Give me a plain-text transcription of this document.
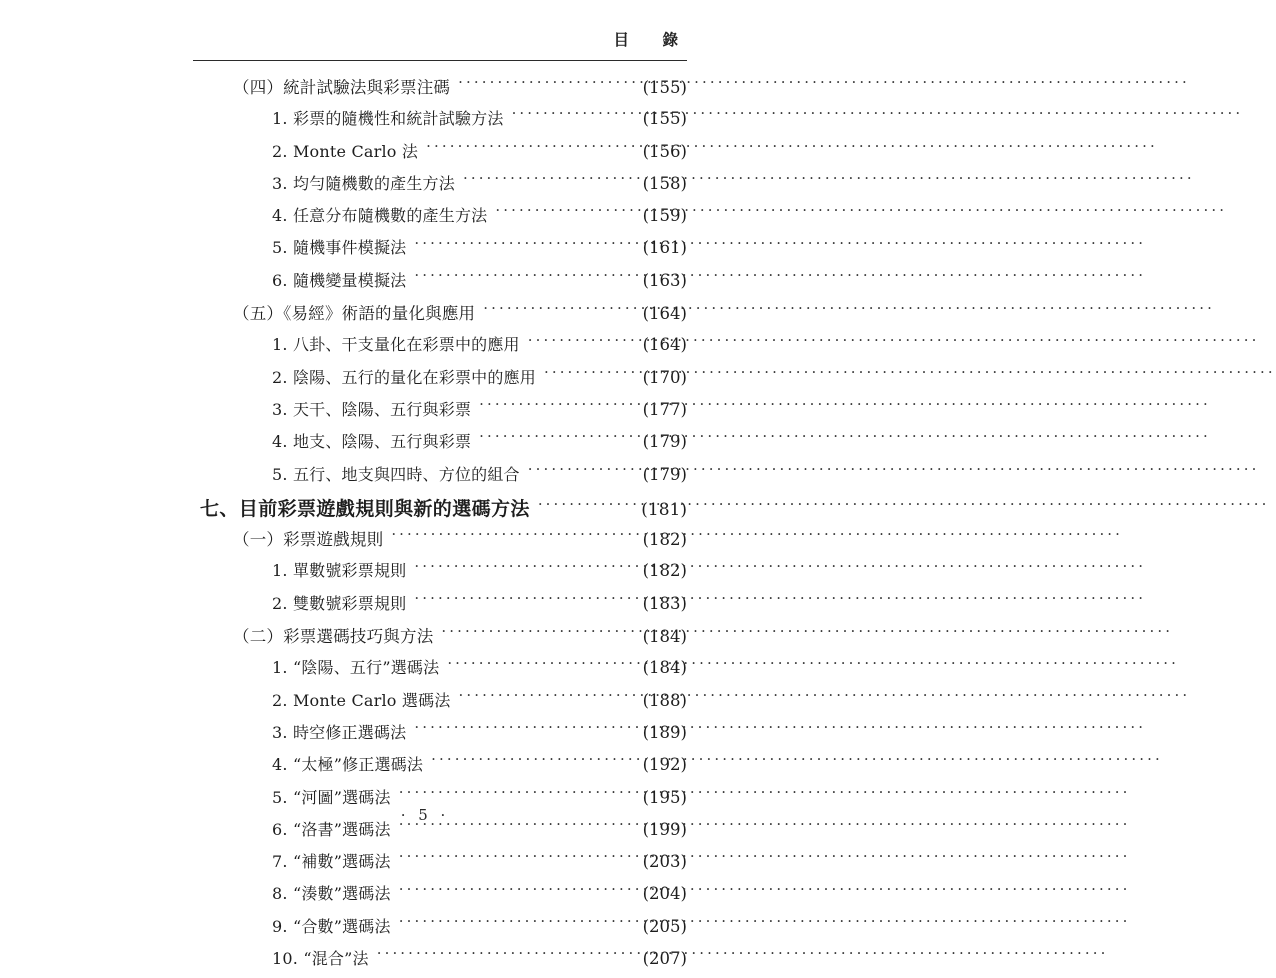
目　錄
（四）統計試驗法與彩票注碼 ·····	(155)
1. 彩票的隨機性和統計試驗方法 ·····	(155)
2. Monte Carlo 法 ·····	(156)
3. 均勻隨機數的產生方法 ·····	(158)
4. 任意分布隨機數的產生方法 ·····	(159)
5. 隨機事件模擬法 ·····	(161)
6. 隨機變量模擬法 ·····	(163)
（五）《易經》術語的量化與應用 ·····	(164)
1. 八卦、干支量化在彩票中的應用 ·····	(164)
2. 陰陽、五行的量化在彩票中的應用 ·····	(170)
3. 天干、陰陽、五行與彩票 ·····	(177)
4. 地支、陰陽、五行與彩票 ·····	(179)
5. 五行、地支與四時、方位的組合 ·····	(179)
七、目前彩票遊戲規則與新的選碼方法 ·····	(181)
（一）彩票遊戲規則 ·····	(182)
1. 單數號彩票規則 ·····	(182)
2. 雙數號彩票規則 ·····	(183)
（二）彩票選碼技巧與方法 ·····	(184)
1. “陰陽、五行”選碼法 ·····	(184)
2. Monte Carlo 選碼法 ·····	(188)
3. 時空修正選碼法 ·····	(189)
4. “太極”修正選碼法 ·····	(192)
5. “河圖”選碼法 ·····	(195)
6. “洛書”選碼法 ·····	(199)
7. “補數”選碼法 ·····	(203)
8. “湊數”選碼法 ·····	(204)
9. “合數”選碼法 ·····	(205)
10. “混合”法 ·····	(207)
· 5 ·
